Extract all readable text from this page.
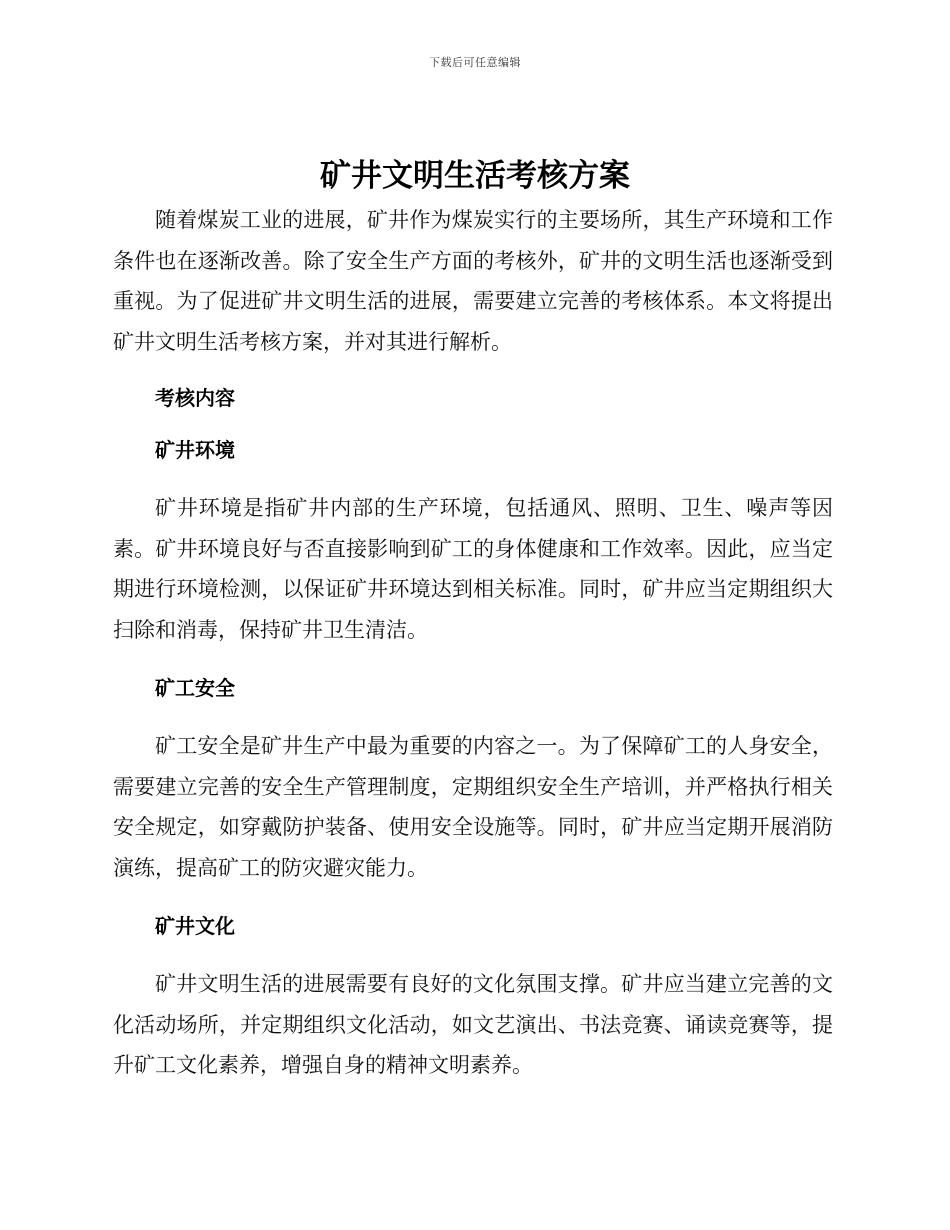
下载后可任意编辑
矿井文明生活考核方案

随着煤炭工业的进展，矿井作为煤炭实行的主要场所，其生产环境和工作条件也在逐渐改善。除了安全生产方面的考核外，矿井的文明生活也逐渐受到重视。为了促进矿井文明生活的进展，需要建立完善的考核体系。本文将提出矿井文明生活考核方案，并对其进行解析。

考核内容
矿井环境

矿井环境是指矿井内部的生产环境，包括通风、照明、卫生、噪声等因素。矿井环境良好与否直接影响到矿工的身体健康和工作效率。因此，应当定期进行环境检测，以保证矿井环境达到相关标准。同时，矿井应当定期组织大扫除和消毒，保持矿井卫生清洁。

矿工安全

矿工安全是矿井生产中最为重要的内容之一。为了保障矿工的人身安全，需要建立完善的安全生产管理制度，定期组织安全生产培训，并严格执行相关安全规定，如穿戴防护装备、使用安全设施等。同时，矿井应当定期开展消防演练，提高矿工的防灾避灾能力。

矿井文化

矿井文明生活的进展需要有良好的文化氛围支撑。矿井应当建立完善的文化活动场所，并定期组织文化活动，如文艺演出、书法竞赛、诵读竞赛等，提升矿工文化素养，增强自身的精神文明素养。
